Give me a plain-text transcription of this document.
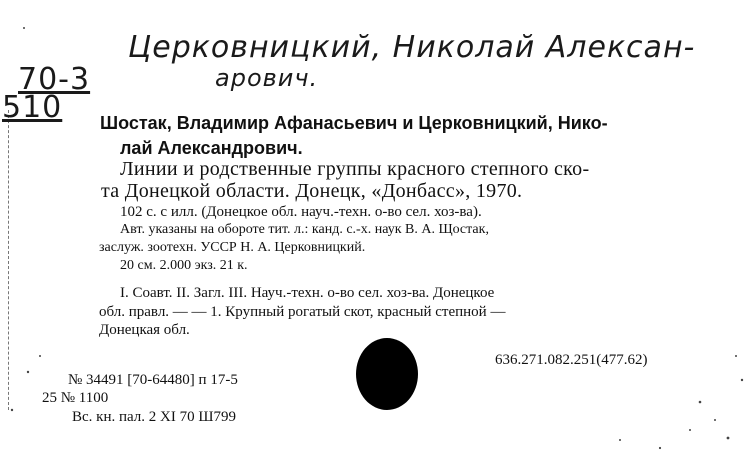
Церковницкий, Николай Алексан-
арович.
70-3
510 Шостак, Владимир Афанасьевич и Церковницкий, Нико-
лай Александрович.
Линии и родственные группы красного степного ско-
та Донецкой области. Донецк, «Донбасс», 1970.
102 с. с илл. (Донецкое обл. науч.-техн. о-во сел. хоз-ва).
Авт. указаны на обороте тит. л.: канд. с.-х. наук В. А. Щостак,
заслуж. зоотехн. УССР Н. А. Церковницкий.
20 см. 2.000 экз. 21 к.
I. Соавт. II. Загл. III. Науч.-техн. о-во сел. хоз-ва. Донецкое
обл. правл. — — 1. Крупный рогатый скот, красный степной —
Донецкая обл.
636.271.082.251(477.62)
№ 34491 [70-64480] п 17-5
25 № 1100
Вс. кн. пал. 2 XI 70 Ш799
